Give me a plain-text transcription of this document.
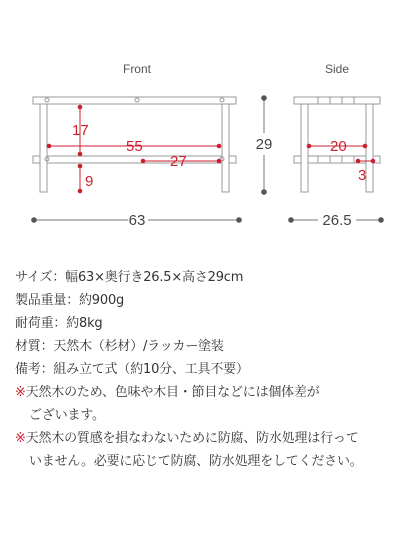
Front	Side
17
55
27
9
63
29	20
3
26.5
サイズ：幅63×奥行き26.5×高さ29cm
製品重量：約900g
耐荷重：約8kg
材質：天然木（杉材）/ラッカー塗装
備考：組み立て式（約10分、工具不要）
※天然木のため、色味や木目・節目などには個体差が
ございます。
※天然木の質感を損なわないために防腐、防水処理は行って
いません。必要に応じて防腐、防水処理をしてください。
